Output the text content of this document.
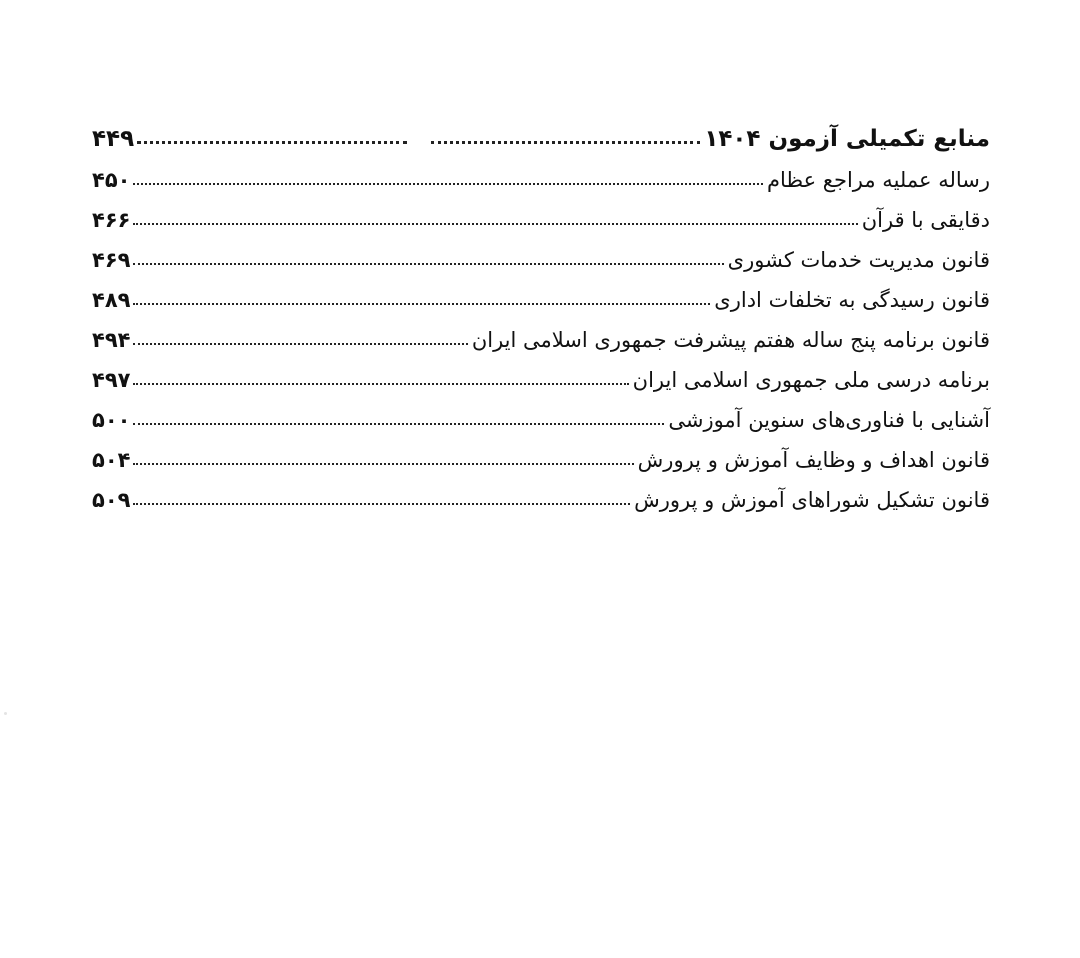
منابع تکمیلی آزمون ۱۴۰۴
۴۴۹
رساله عملیه مراجع عظام
۴۵۰
دقایقی با قرآن
۴۶۶
قانون مدیریت خدمات کشوری
۴۶۹
قانون رسیدگی به تخلفات اداری
۴۸۹
قانون برنامه پنج ساله هفتم پیشرفت جمهوری اسلامی ایران
۴۹۴
برنامه درسی ملی جمهوری اسلامی ایران
۴۹۷
آشنایی با فناوری‌های سنوین آموزشی
۵۰۰
قانون اهداف و وظایف آموزش و پرورش
۵۰۴
قانون تشکیل شوراهای آموزش و پرورش
۵۰۹
